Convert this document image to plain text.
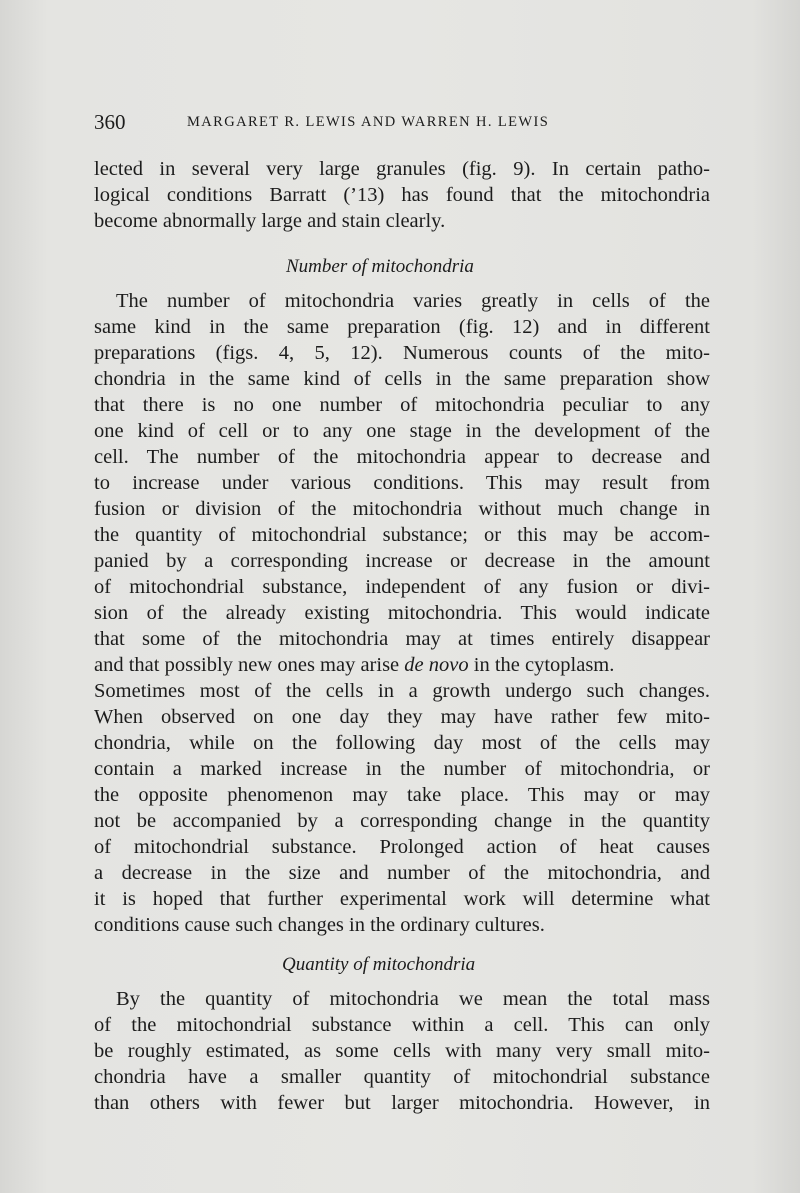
360	MARGARET R. LEWIS AND WARREN H. LEWIS
lected in several very large granules (fig. 9). In certain patho-
logical conditions Barratt (’13) has found that the mitochondria
become abnormally large and stain clearly.
Number of mitochondria
The number of mitochondria varies greatly in cells of the
same kind in the same preparation (fig. 12) and in different
preparations (figs. 4, 5, 12). Numerous counts of the mito-
chondria in the same kind of cells in the same preparation show
that there is no one number of mitochondria peculiar to any
one kind of cell or to any one stage in the development of the
cell. The number of the mitochondria appear to decrease and
to increase under various conditions. This may result from
fusion or division of the mitochondria without much change in
the quantity of mitochondrial substance; or this may be accom-
panied by a corresponding increase or decrease in the amount
of mitochondrial substance, independent of any fusion or divi-
sion of the already existing mitochondria. This would indicate
that some of the mitochondria may at times entirely disappear
and that possibly new ones may arise de novo in the cytoplasm.
Sometimes most of the cells in a growth undergo such changes.
When observed on one day they may have rather few mito-
chondria, while on the following day most of the cells may
contain a marked increase in the number of mitochondria, or
the opposite phenomenon may take place. This may or may
not be accompanied by a corresponding change in the quantity
of mitochondrial substance. Prolonged action of heat causes
a decrease in the size and number of the mitochondria, and
it is hoped that further experimental work will determine what
conditions cause such changes in the ordinary cultures.
Quantity of mitochondria
By the quantity of mitochondria we mean the total mass
of the mitochondrial substance within a cell. This can only
be roughly estimated, as some cells with many very small mito-
chondria have a smaller quantity of mitochondrial substance
than others with fewer but larger mitochondria. However, in
